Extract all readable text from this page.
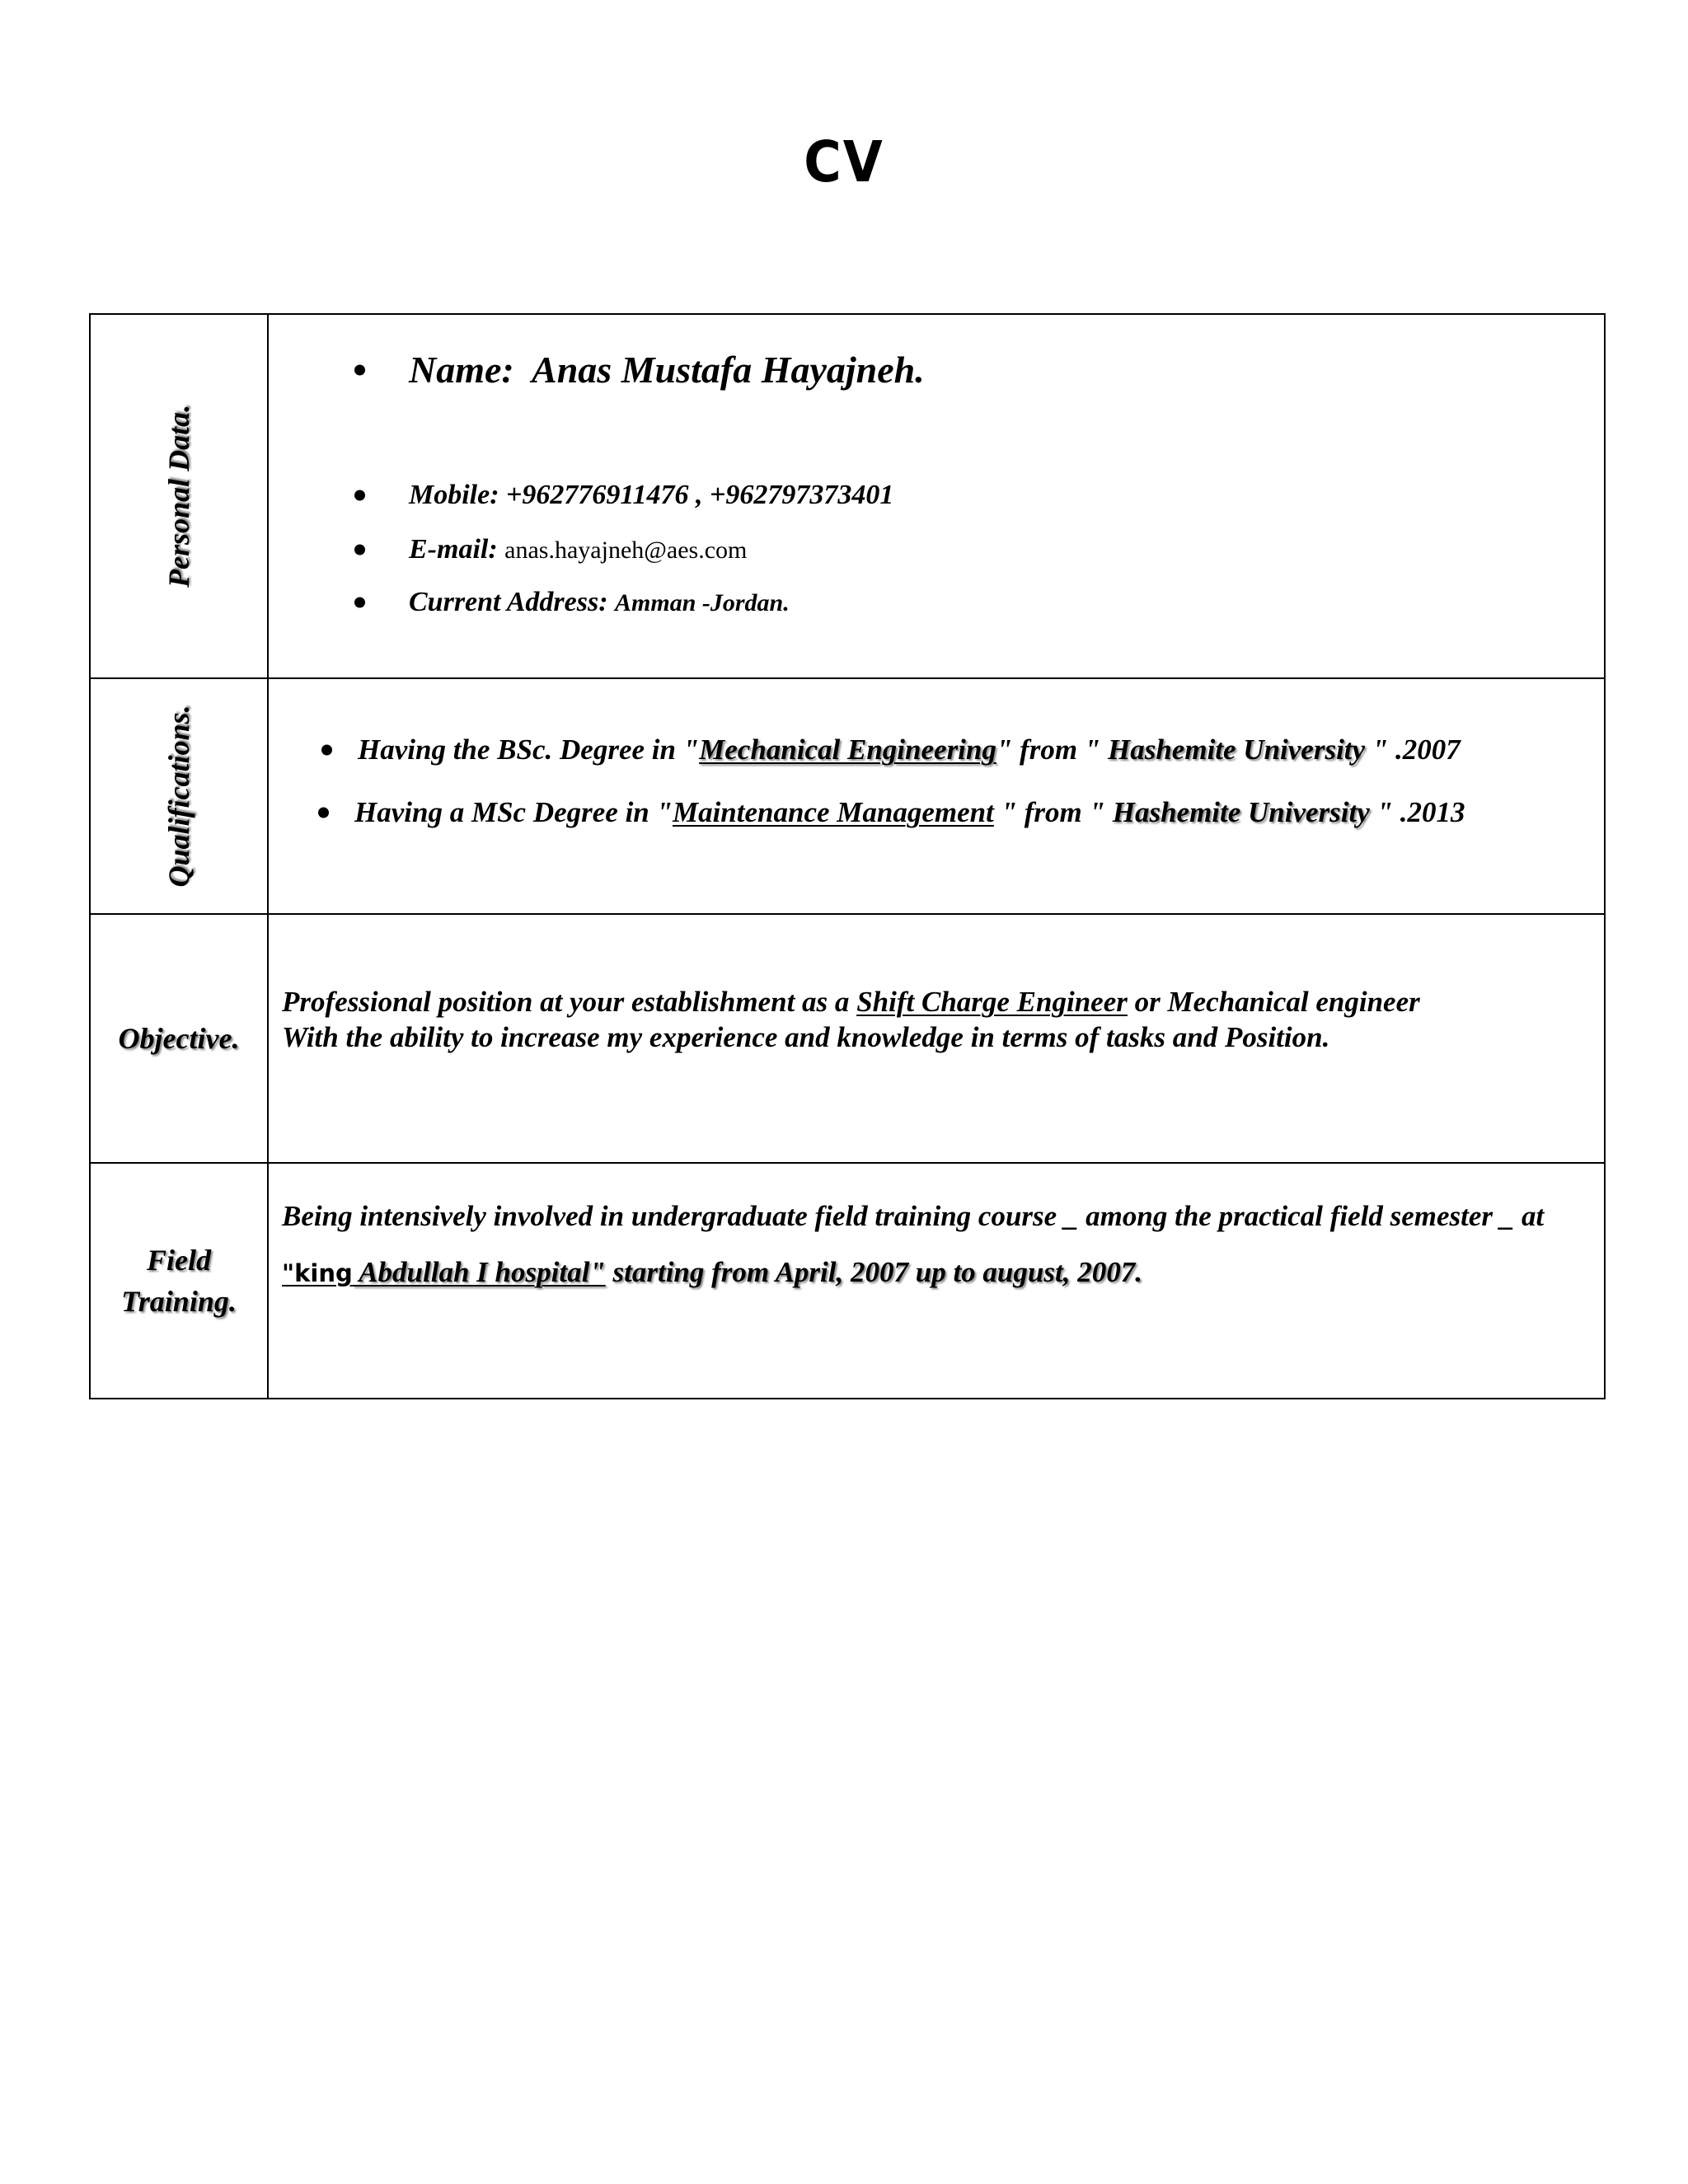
CV
Personal Data.	Name: Anas Mustafa Hayajneh.
Mobile: +962776911476 , +962797373401
E-mail: anas.hayajneh@aes.com
Current Address: Amman -Jordan.

Qualifications.	Having the BSc. Degree in "Mechanical Engineering" from " Hashemite University " .2007
Having a MSc Degree in "Maintenance Management " from " Hashemite University " .2013

Objective.	Professional position at your establishment as a Shift Charge Engineer or Mechanical engineer
With the ability to increase my experience and knowledge in terms of tasks and Position.

Field
Training.	Being intensively involved in undergraduate field training course _ among the practical field semester _ at "king Abdullah I hospital" starting from April, 2007 up to august, 2007.
